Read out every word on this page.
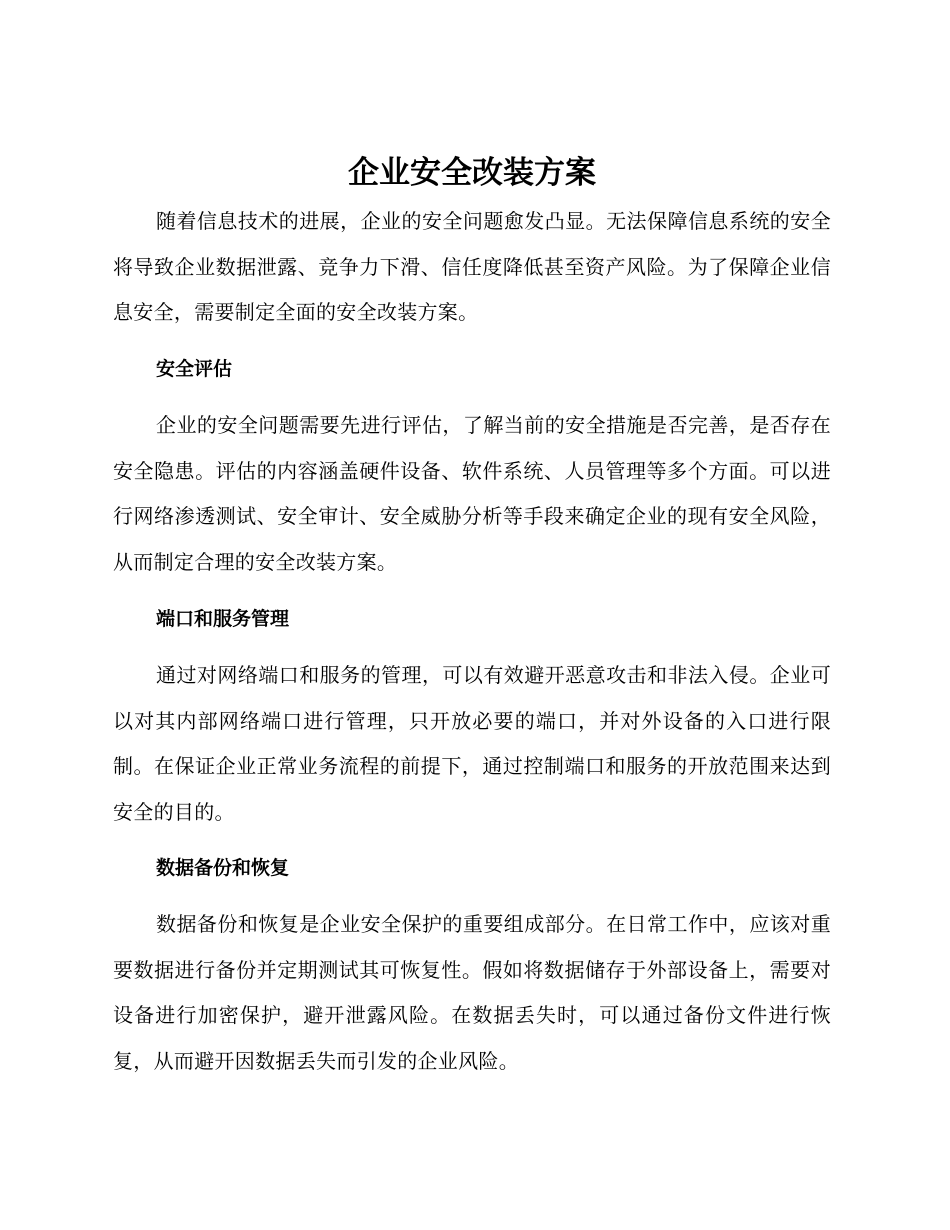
企业安全改装方案

随着信息技术的进展，企业的安全问题愈发凸显。无法保障信息系统的安全将导致企业数据泄露、竞争力下滑、信任度降低甚至资产风险。为了保障企业信息安全，需要制定全面的安全改装方案。

安全评估

企业的安全问题需要先进行评估，了解当前的安全措施是否完善，是否存在安全隐患。评估的内容涵盖硬件设备、软件系统、人员管理等多个方面。可以进行网络渗透测试、安全审计、安全威胁分析等手段来确定企业的现有安全风险，从而制定合理的安全改装方案。

端口和服务管理

通过对网络端口和服务的管理，可以有效避开恶意攻击和非法入侵。企业可以对其内部网络端口进行管理，只开放必要的端口，并对外设备的入口进行限制。在保证企业正常业务流程的前提下，通过控制端口和服务的开放范围来达到安全的目的。

数据备份和恢复

数据备份和恢复是企业安全保护的重要组成部分。在日常工作中，应该对重要数据进行备份并定期测试其可恢复性。假如将数据储存于外部设备上，需要对设备进行加密保护，避开泄露风险。在数据丢失时，可以通过备份文件进行恢复，从而避开因数据丢失而引发的企业风险。
